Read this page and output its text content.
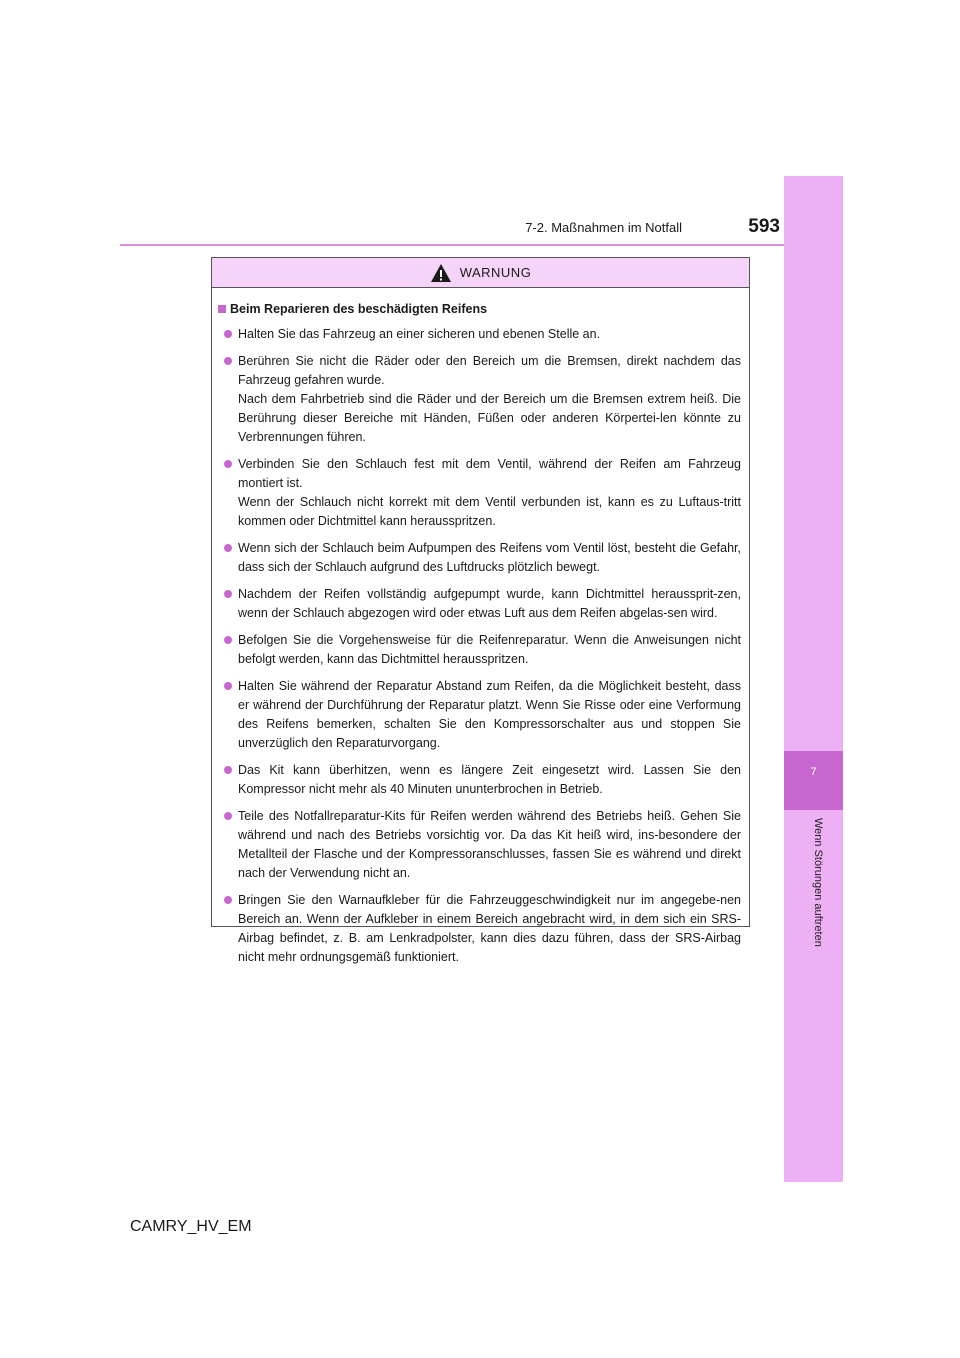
593
7-2. Maßnahmen im Notfall
7
Wenn Störungen auftreten
WARNUNG
Beim Reparieren des beschädigten Reifens

Halten Sie das Fahrzeug an einer sicheren und ebenen Stelle an.

Berühren Sie nicht die Räder oder den Bereich um die Bremsen, direkt nachdem das Fahrzeug gefahren wurde.

Nach dem Fahrbetrieb sind die Räder und der Bereich um die Bremsen extrem heiß. Die Berührung dieser Bereiche mit Händen, Füßen oder anderen Körpertei-len könnte zu Verbrennungen führen.

Verbinden Sie den Schlauch fest mit dem Ventil, während der Reifen am Fahrzeug montiert ist.

Wenn der Schlauch nicht korrekt mit dem Ventil verbunden ist, kann es zu Luftaus-tritt kommen oder Dichtmittel kann herausspritzen.

Wenn sich der Schlauch beim Aufpumpen des Reifens vom Ventil löst, besteht die Gefahr, dass sich der Schlauch aufgrund des Luftdrucks plötzlich bewegt.

Nachdem der Reifen vollständig aufgepumpt wurde, kann Dichtmittel heraussprit-zen, wenn der Schlauch abgezogen wird oder etwas Luft aus dem Reifen abgelas-sen wird.

Befolgen Sie die Vorgehensweise für die Reifenreparatur. Wenn die Anweisungen nicht befolgt werden, kann das Dichtmittel herausspritzen.

Halten Sie während der Reparatur Abstand zum Reifen, da die Möglichkeit besteht, dass er während der Durchführung der Reparatur platzt. Wenn Sie Risse oder eine Verformung des Reifens bemerken, schalten Sie den Kompressorschalter aus und stoppen Sie unverzüglich den Reparaturvorgang.

Das Kit kann überhitzen, wenn es längere Zeit eingesetzt wird. Lassen Sie den Kompressor nicht mehr als 40 Minuten ununterbrochen in Betrieb.

Teile des Notfallreparatur-Kits für Reifen werden während des Betriebs heiß. Gehen Sie während und nach des Betriebs vorsichtig vor. Da das Kit heiß wird, ins-besondere der Metallteil der Flasche und der Kompressoranschlusses, fassen Sie es während und direkt nach der Verwendung nicht an.

Bringen Sie den Warnaufkleber für die Fahrzeuggeschwindigkeit nur im angegebe-nen Bereich an. Wenn der Aufkleber in einem Bereich angebracht wird, in dem sich ein SRS-Airbag befindet, z. B. am Lenkradpolster, kann dies dazu führen, dass der SRS-Airbag nicht mehr ordnungsgemäß funktioniert.

CAMRY_HV_EM
